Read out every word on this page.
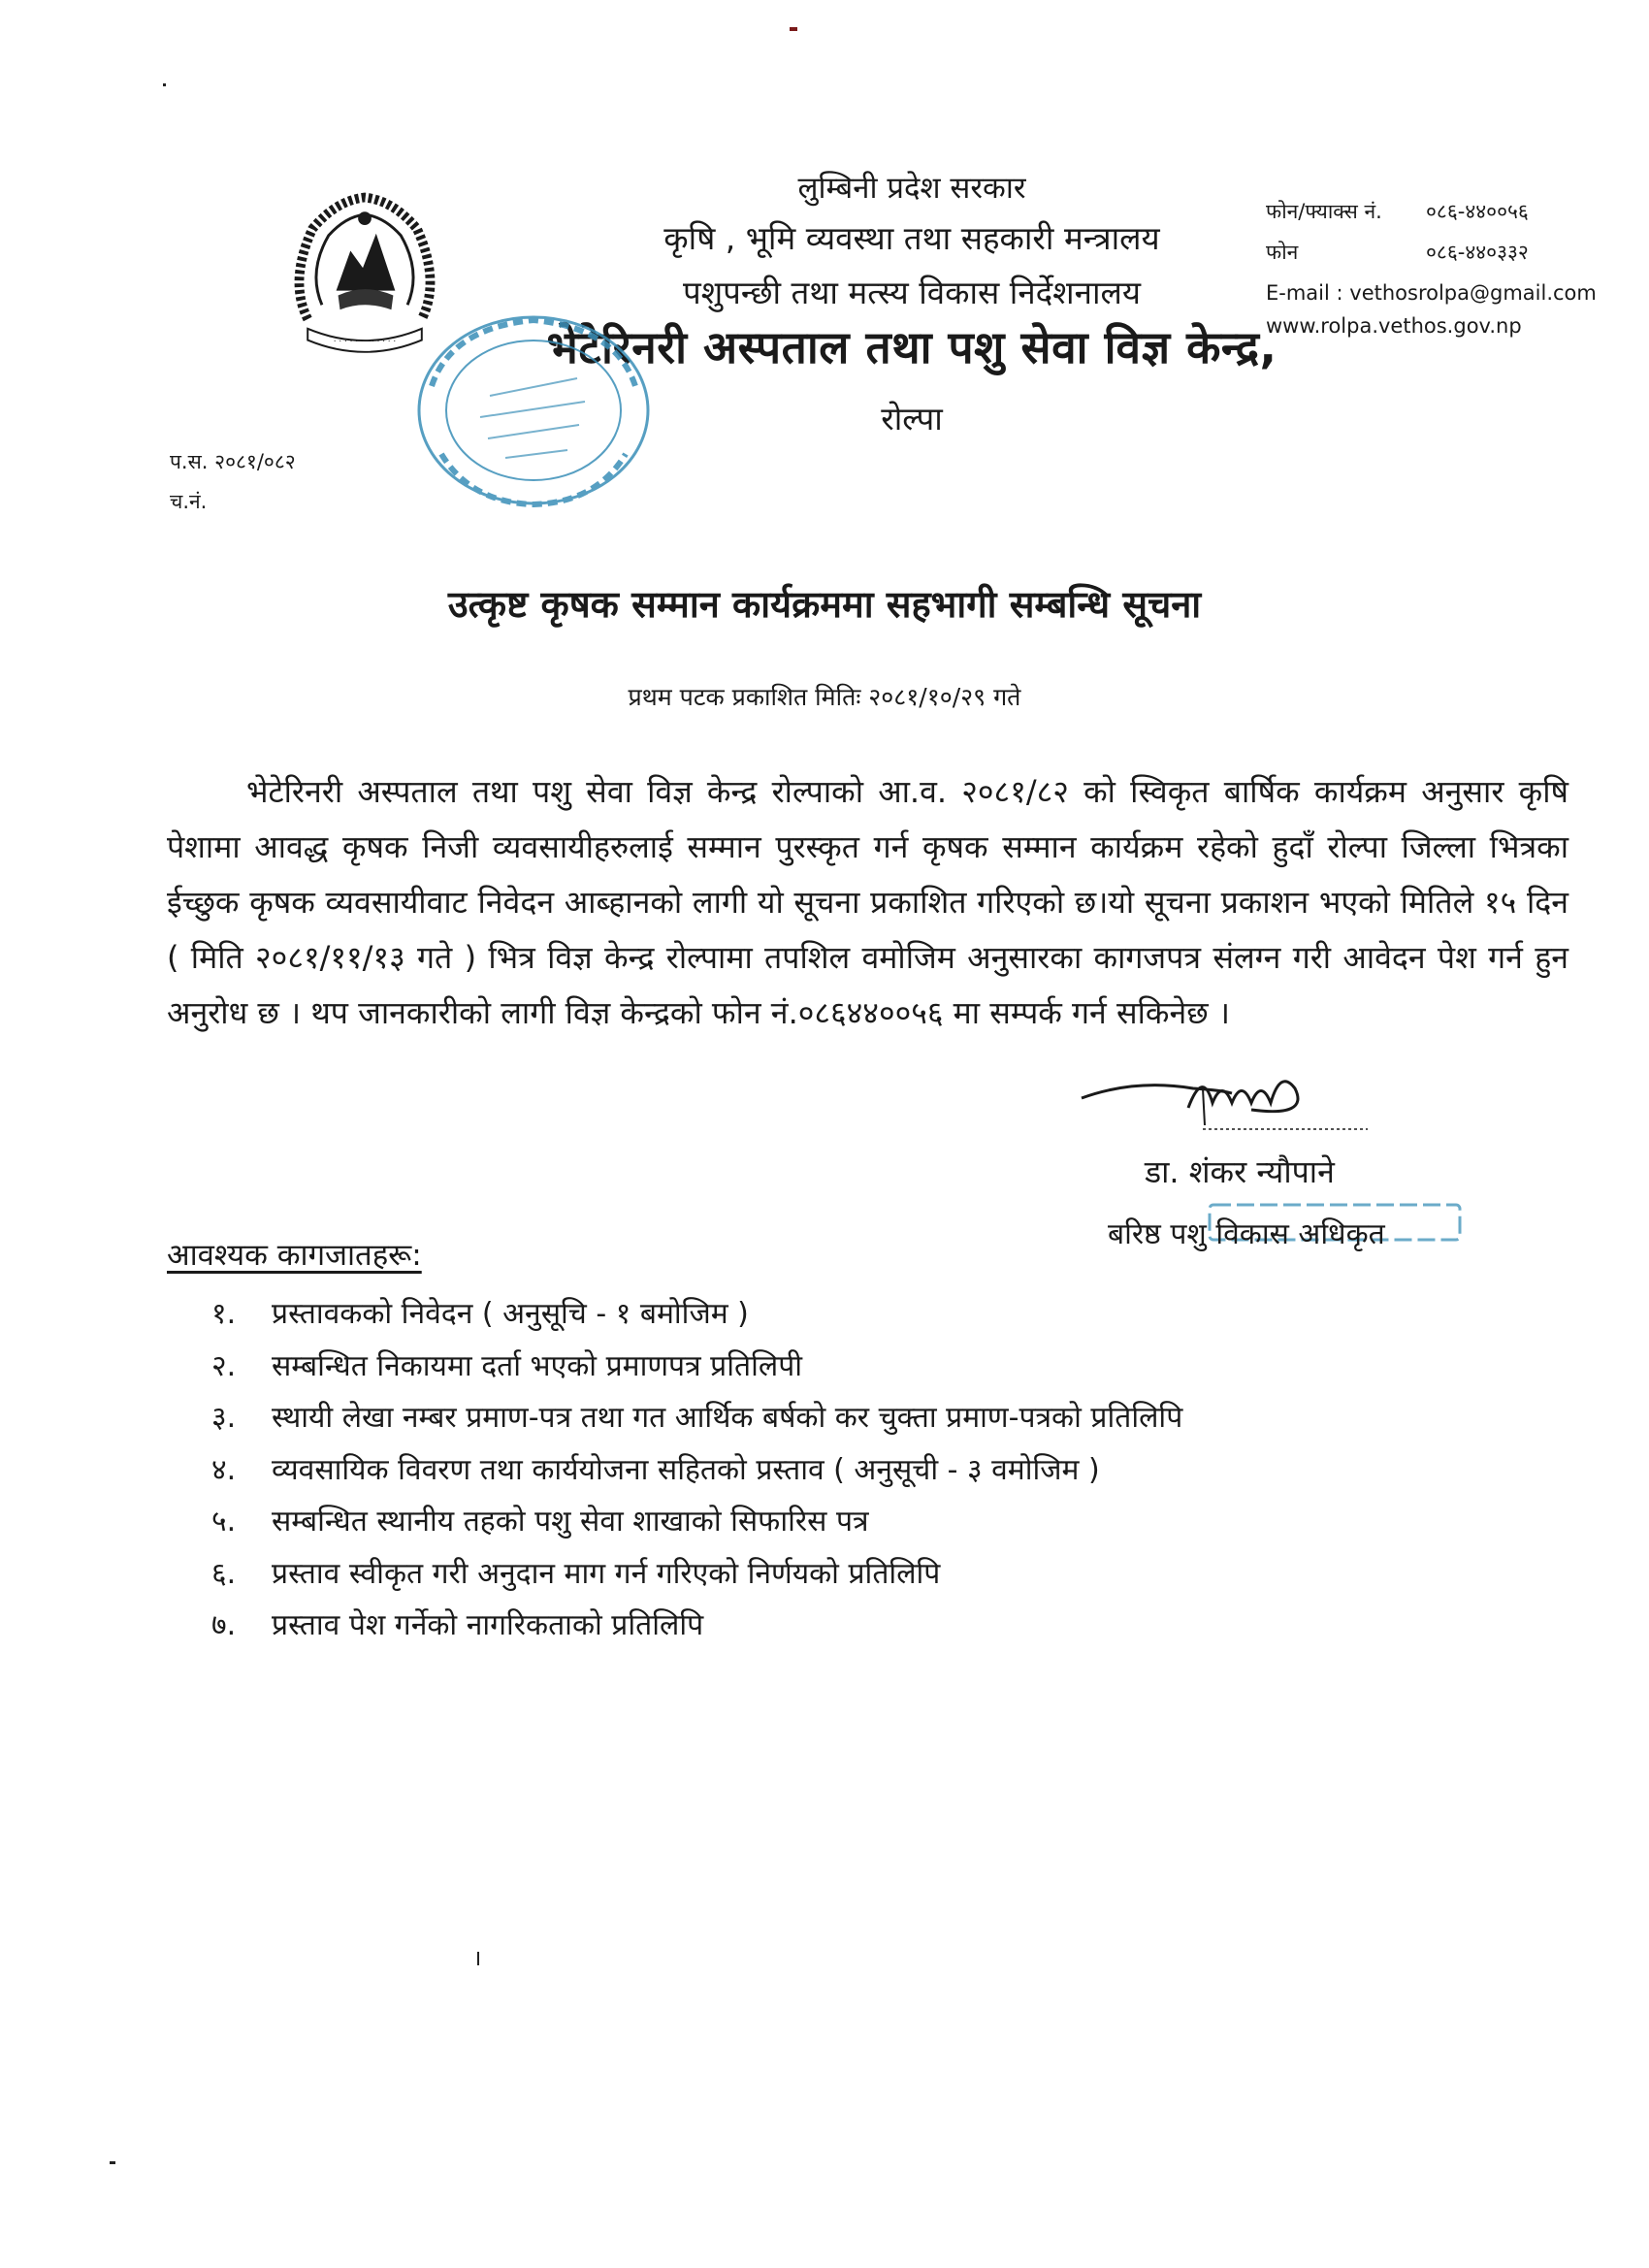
· · · · · · · · · · · ·
लुम्बिनी प्रदेश सरकार
कृषि , भूमि व्यवस्था तथा सहकारी मन्त्रालय
पशुपन्छी तथा मत्स्य विकास निर्देशनालय
भेटेरिनरी अस्पताल तथा पशु सेवा विज्ञ केन्द्र,
रोल्पा
फोन/फ्याक्स नं. ०८६-४४००५६
फोन	०८६-४४०३३२
E-mail : vethosrolpa@gmail.com
www.rolpa.vethos.gov.np
प.स. २०८१/०८२
च.नं.
उत्कृष्ट कृषक सम्मान कार्यक्रममा सहभागी सम्बन्धि सूचना
प्रथम पटक प्रकाशित मितिः २०८१/१०/२९ गते
भेटेरिनरी अस्पताल तथा पशु सेवा विज्ञ केन्द्र रोल्पाको आ.व. २०८१/८२ को स्विकृत बार्षिक कार्यक्रम अनुसार कृषि पेशामा आवद्ध कृषक निजी व्यवसायीहरुलाई सम्मान पुरस्कृत गर्न कृषक सम्मान कार्यक्रम रहेको हुदाँ रोल्पा जिल्ला भित्रका ईच्छुक कृषक व्यवसायीवाट निवेदन आब्हानको लागी यो सूचना प्रकाशित गरिएको छ।यो सूचना प्रकाशन भएको मितिले १५ दिन ( मिति २०८१/११/१३ गते ) भित्र विज्ञ केन्द्र रोल्पामा तपशिल वमोजिम अनुसारका कागजपत्र संलग्न गरी आवेदन पेश गर्न हुन अनुरोध छ । थप जानकारीको लागी विज्ञ केन्द्रको फोन नं.०८६४४००५६ मा सम्पर्क गर्न सकिनेछ ।
डा. शंकर न्यौपाने
बरिष्ठ पशु विकास अधिकृत
आवश्यक कागजातहरू:
१. प्रस्तावकको निवेदन ( अनुसूचि - १ बमोजिम )
२. सम्बन्धित निकायमा दर्ता भएको प्रमाणपत्र प्रतिलिपी
३. स्थायी लेखा नम्बर प्रमाण-पत्र तथा गत आर्थिक बर्षको कर चुक्ता प्रमाण-पत्रको प्रतिलिपि
४. व्यवसायिक विवरण तथा कार्ययोजना सहितको प्रस्ताव ( अनुसूची - ३ वमोजिम )
५. सम्बन्धित स्थानीय तहको पशु सेवा शाखाको सिफारिस पत्र
६. प्रस्ताव स्वीकृत गरी अनुदान माग गर्न गरिएको निर्णयको प्रतिलिपि
७. प्रस्ताव पेश गर्नेको नागरिकताको प्रतिलिपि
